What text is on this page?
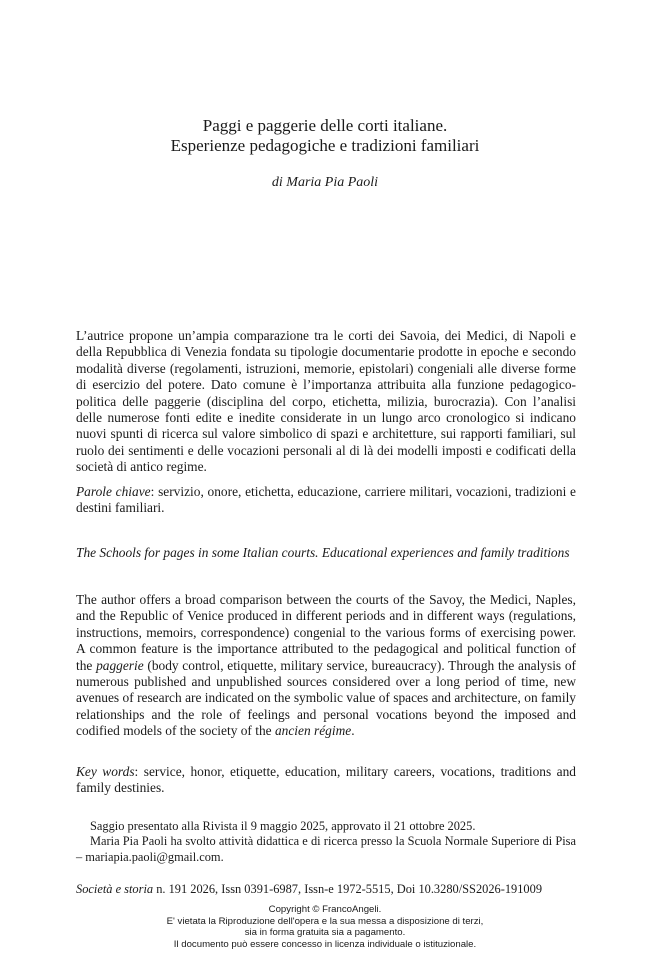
Paggi e paggerie delle corti italiane.
Esperienze pedagogiche e tradizioni familiari
di Maria Pia Paoli

L’autrice propone un’ampia comparazione tra le corti dei Savoia, dei Medici, di Napoli e della Repubblica di Venezia fondata su tipologie documentarie prodotte in epoche e secondo modalità diverse (regolamenti, istruzioni, memorie, epistolari) congeniali alle diverse forme di esercizio del potere. Dato comune è l’importanza attribuita alla funzione pedagogico-politica delle paggerie (disciplina del corpo, etichetta, milizia, burocrazia). Con l’analisi delle numerose fonti edite e inedite considerate in un lungo arco cronologico si indicano nuovi spunti di ricerca sul valore simbolico di spazi e architetture, sui rapporti familiari, sul ruolo dei sentimenti e delle vocazioni personali al di là dei modelli imposti e codificati della società di antico regime.

Parole chiave: servizio, onore, etichetta, educazione, carriere militari, vocazioni, tradizioni e destini familiari.

The Schools for pages in some Italian courts. Educational experiences and family traditions

The author offers a broad comparison between the courts of the Savoy, the Medici, Naples, and the Republic of Venice produced in different periods and in different ways (regulations, instructions, memoirs, correspondence) congenial to the various forms of exercising power. A common feature is the importance attributed to the pedagogical and political function of the paggerie (body control, etiquette, military service, bureaucracy). Through the analysis of numerous published and unpublished sources considered over a long period of time, new avenues of research are indicated on the symbolic value of spaces and architecture, on family relationships and the role of feelings and personal vocations beyond the imposed and codified models of the society of the ancien régime.

Key words: service, honor, etiquette, education, military careers, vocations, traditions and family destinies.

Saggio presentato alla Rivista il 9 maggio 2025, approvato il 21 ottobre 2025.

Maria Pia Paoli ha svolto attività didattica e di ricerca presso la Scuola Normale Superiore di Pisa – mariapia.paoli@gmail.com.

Società e storia n. 191 2026, Issn 0391-6987, Issn-e 1972-5515, Doi 10.3280/SS2026-191009

Copyright © FrancoAngeli.
E' vietata la Riproduzione dell'opera e la sua messa a disposizione di terzi,
sia in forma gratuita sia a pagamento.
Il documento può essere concesso in licenza individuale o istituzionale.
